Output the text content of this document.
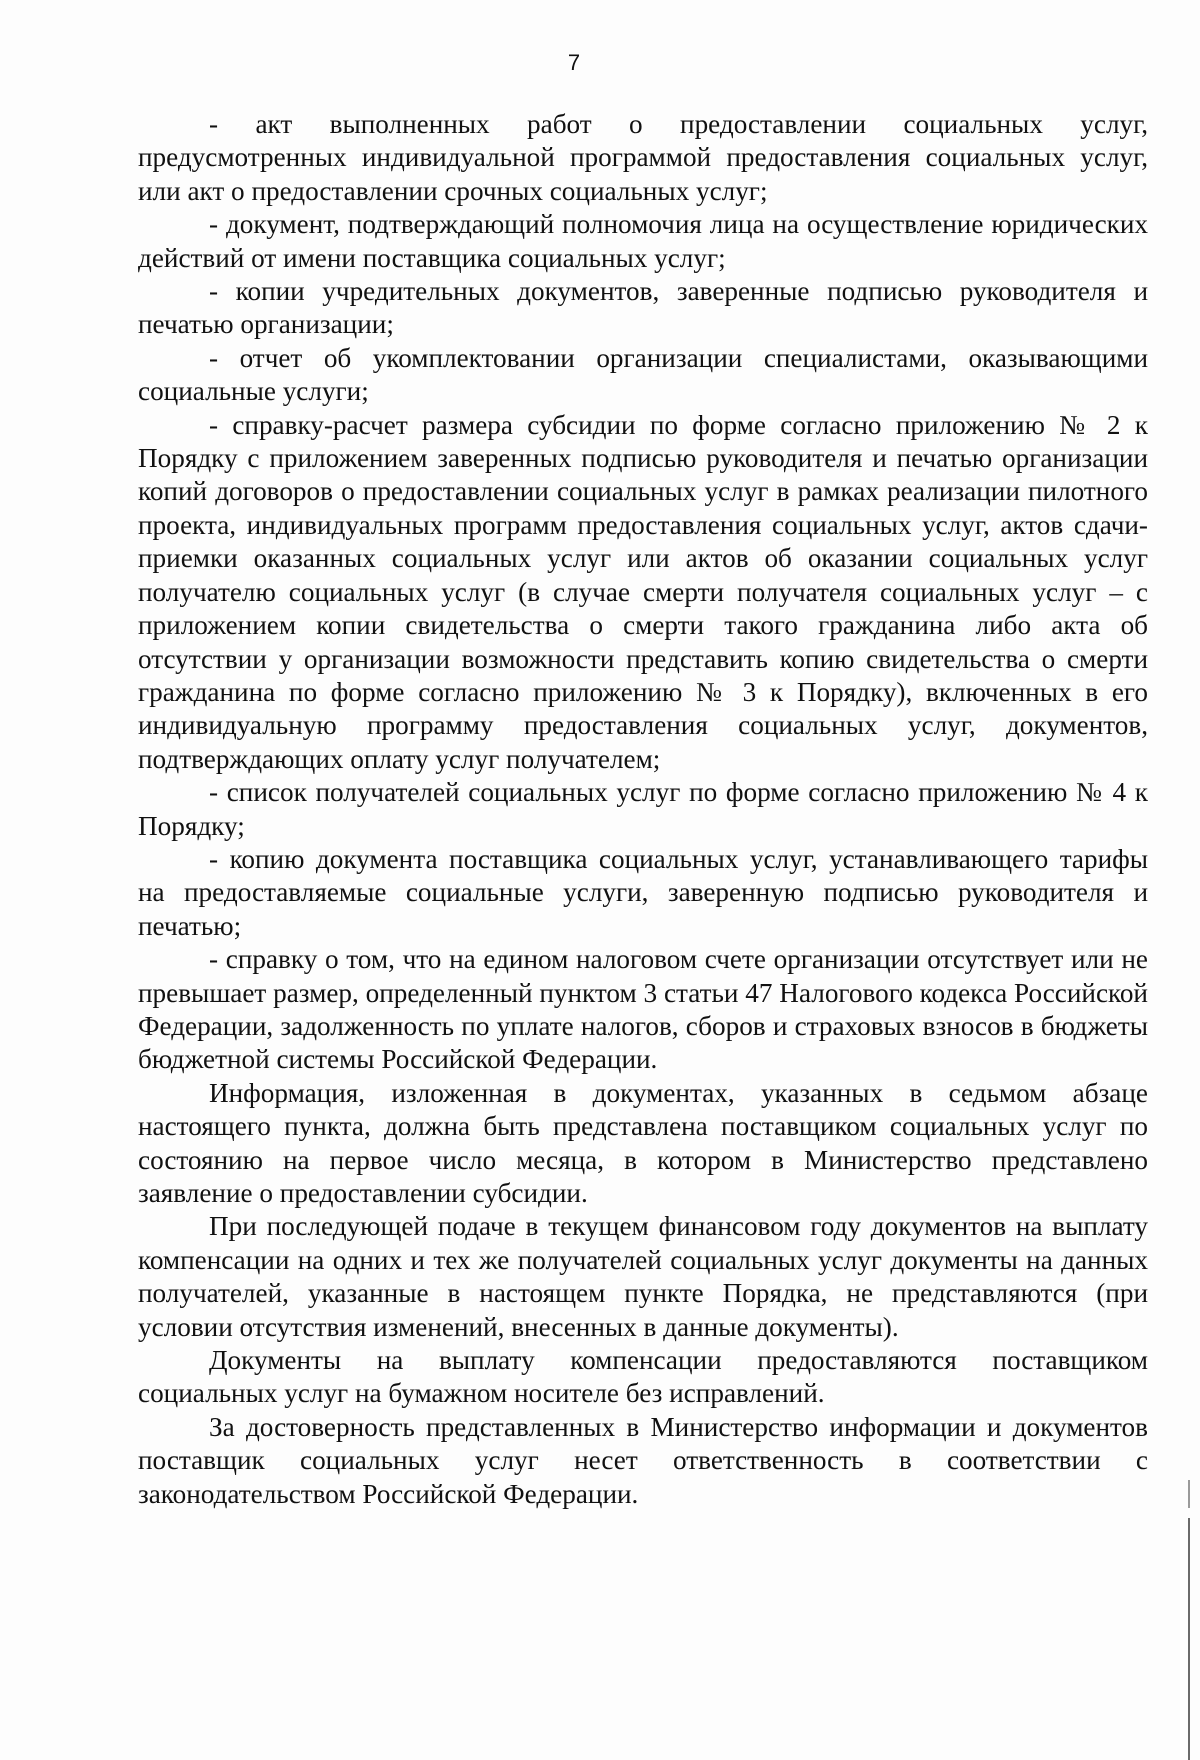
7

- акт выполненных работ о предоставлении социальных услуг, предусмотренных индивидуальной программой предоставления социальных услуг, или акт о предоставлении срочных социальных услуг;

- документ, подтверждающий полномочия лица на осуществление юридических действий от имени поставщика социальных услуг;

- копии учредительных документов, заверенные подписью руководителя и печатью организации;

- отчет об укомплектовании организации специалистами, оказывающими социальные услуги;

- справку-расчет размера субсидии по форме согласно приложению № 2 к Порядку с приложением заверенных подписью руководителя и печатью организации копий договоров о предоставлении социальных услуг в рамках реализации пилотного проекта, индивидуальных программ предоставления социальных услуг, актов сдачи-приемки оказанных социальных услуг или актов об оказании социальных услуг получателю социальных услуг (в случае смерти получателя социальных услуг – с приложением копии свидетельства о смерти такого гражданина либо акта об отсутствии у организации возможности представить копию свидетельства о смерти гражданина по форме согласно приложению № 3 к Порядку), включенных в его индивидуальную программу предоставления социальных услуг, документов, подтверждающих оплату услуг получателем;

- список получателей социальных услуг по форме согласно приложению № 4 к Порядку;

- копию документа поставщика социальных услуг, устанавливающего тарифы на предоставляемые социальные услуги, заверенную подписью руководителя и печатью;

- справку о том, что на едином налоговом счете организации отсутствует или не превышает размер, определенный пунктом 3 статьи 47 Налогового кодекса Российской Федерации, задолженность по уплате налогов, сборов и страховых взносов в бюджеты бюджетной системы Российской Федерации.

Информация, изложенная в документах, указанных в седьмом абзаце настоящего пункта, должна быть представлена поставщиком социальных услуг по состоянию на первое число месяца, в котором в Министерство представлено заявление о предоставлении субсидии.

При последующей подаче в текущем финансовом году документов на выплату компенсации на одних и тех же получателей социальных услуг документы на данных получателей, указанные в настоящем пункте Порядка, не представляются (при условии отсутствия изменений, внесенных в данные документы).

Документы на выплату компенсации предоставляются поставщиком социальных услуг на бумажном носителе без исправлений.

За достоверность представленных в Министерство информации и документов поставщик социальных услуг несет ответственность в соответствии с законодательством Российской Федерации.
